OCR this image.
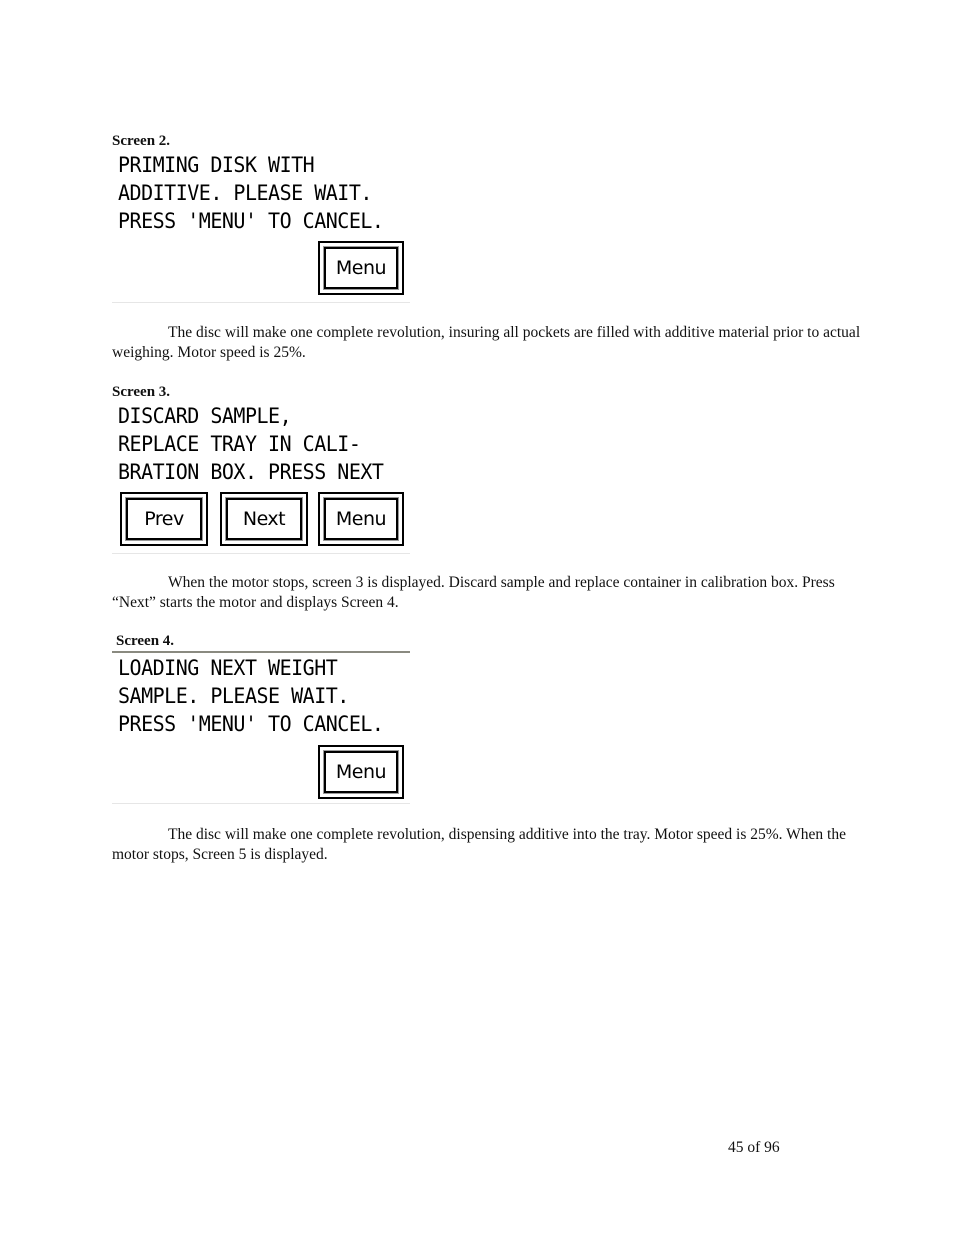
Screen 2.
PRIMING DISK WITH
ADDITIVE. PLEASE WAIT.
PRESS 'MENU' TO CANCEL.
Menu
The disc will make one complete revolution, insuring all pockets are filled with additive material prior to actual weighing. Motor speed is 25%.
Screen 3.
DISCARD SAMPLE,
REPLACE TRAY IN CALI-
BRATION BOX. PRESS NEXT
Prev	Next	Menu
When the motor stops, screen 3 is displayed. Discard sample and replace container in calibration box. Press “Next” starts the motor and displays Screen 4.
Screen 4.
LOADING NEXT WEIGHT
SAMPLE. PLEASE WAIT.
PRESS 'MENU' TO CANCEL.
Menu
The disc will make one complete revolution, dispensing additive into the tray. Motor speed is 25%. When the motor stops, Screen 5 is displayed.
45 of 96
